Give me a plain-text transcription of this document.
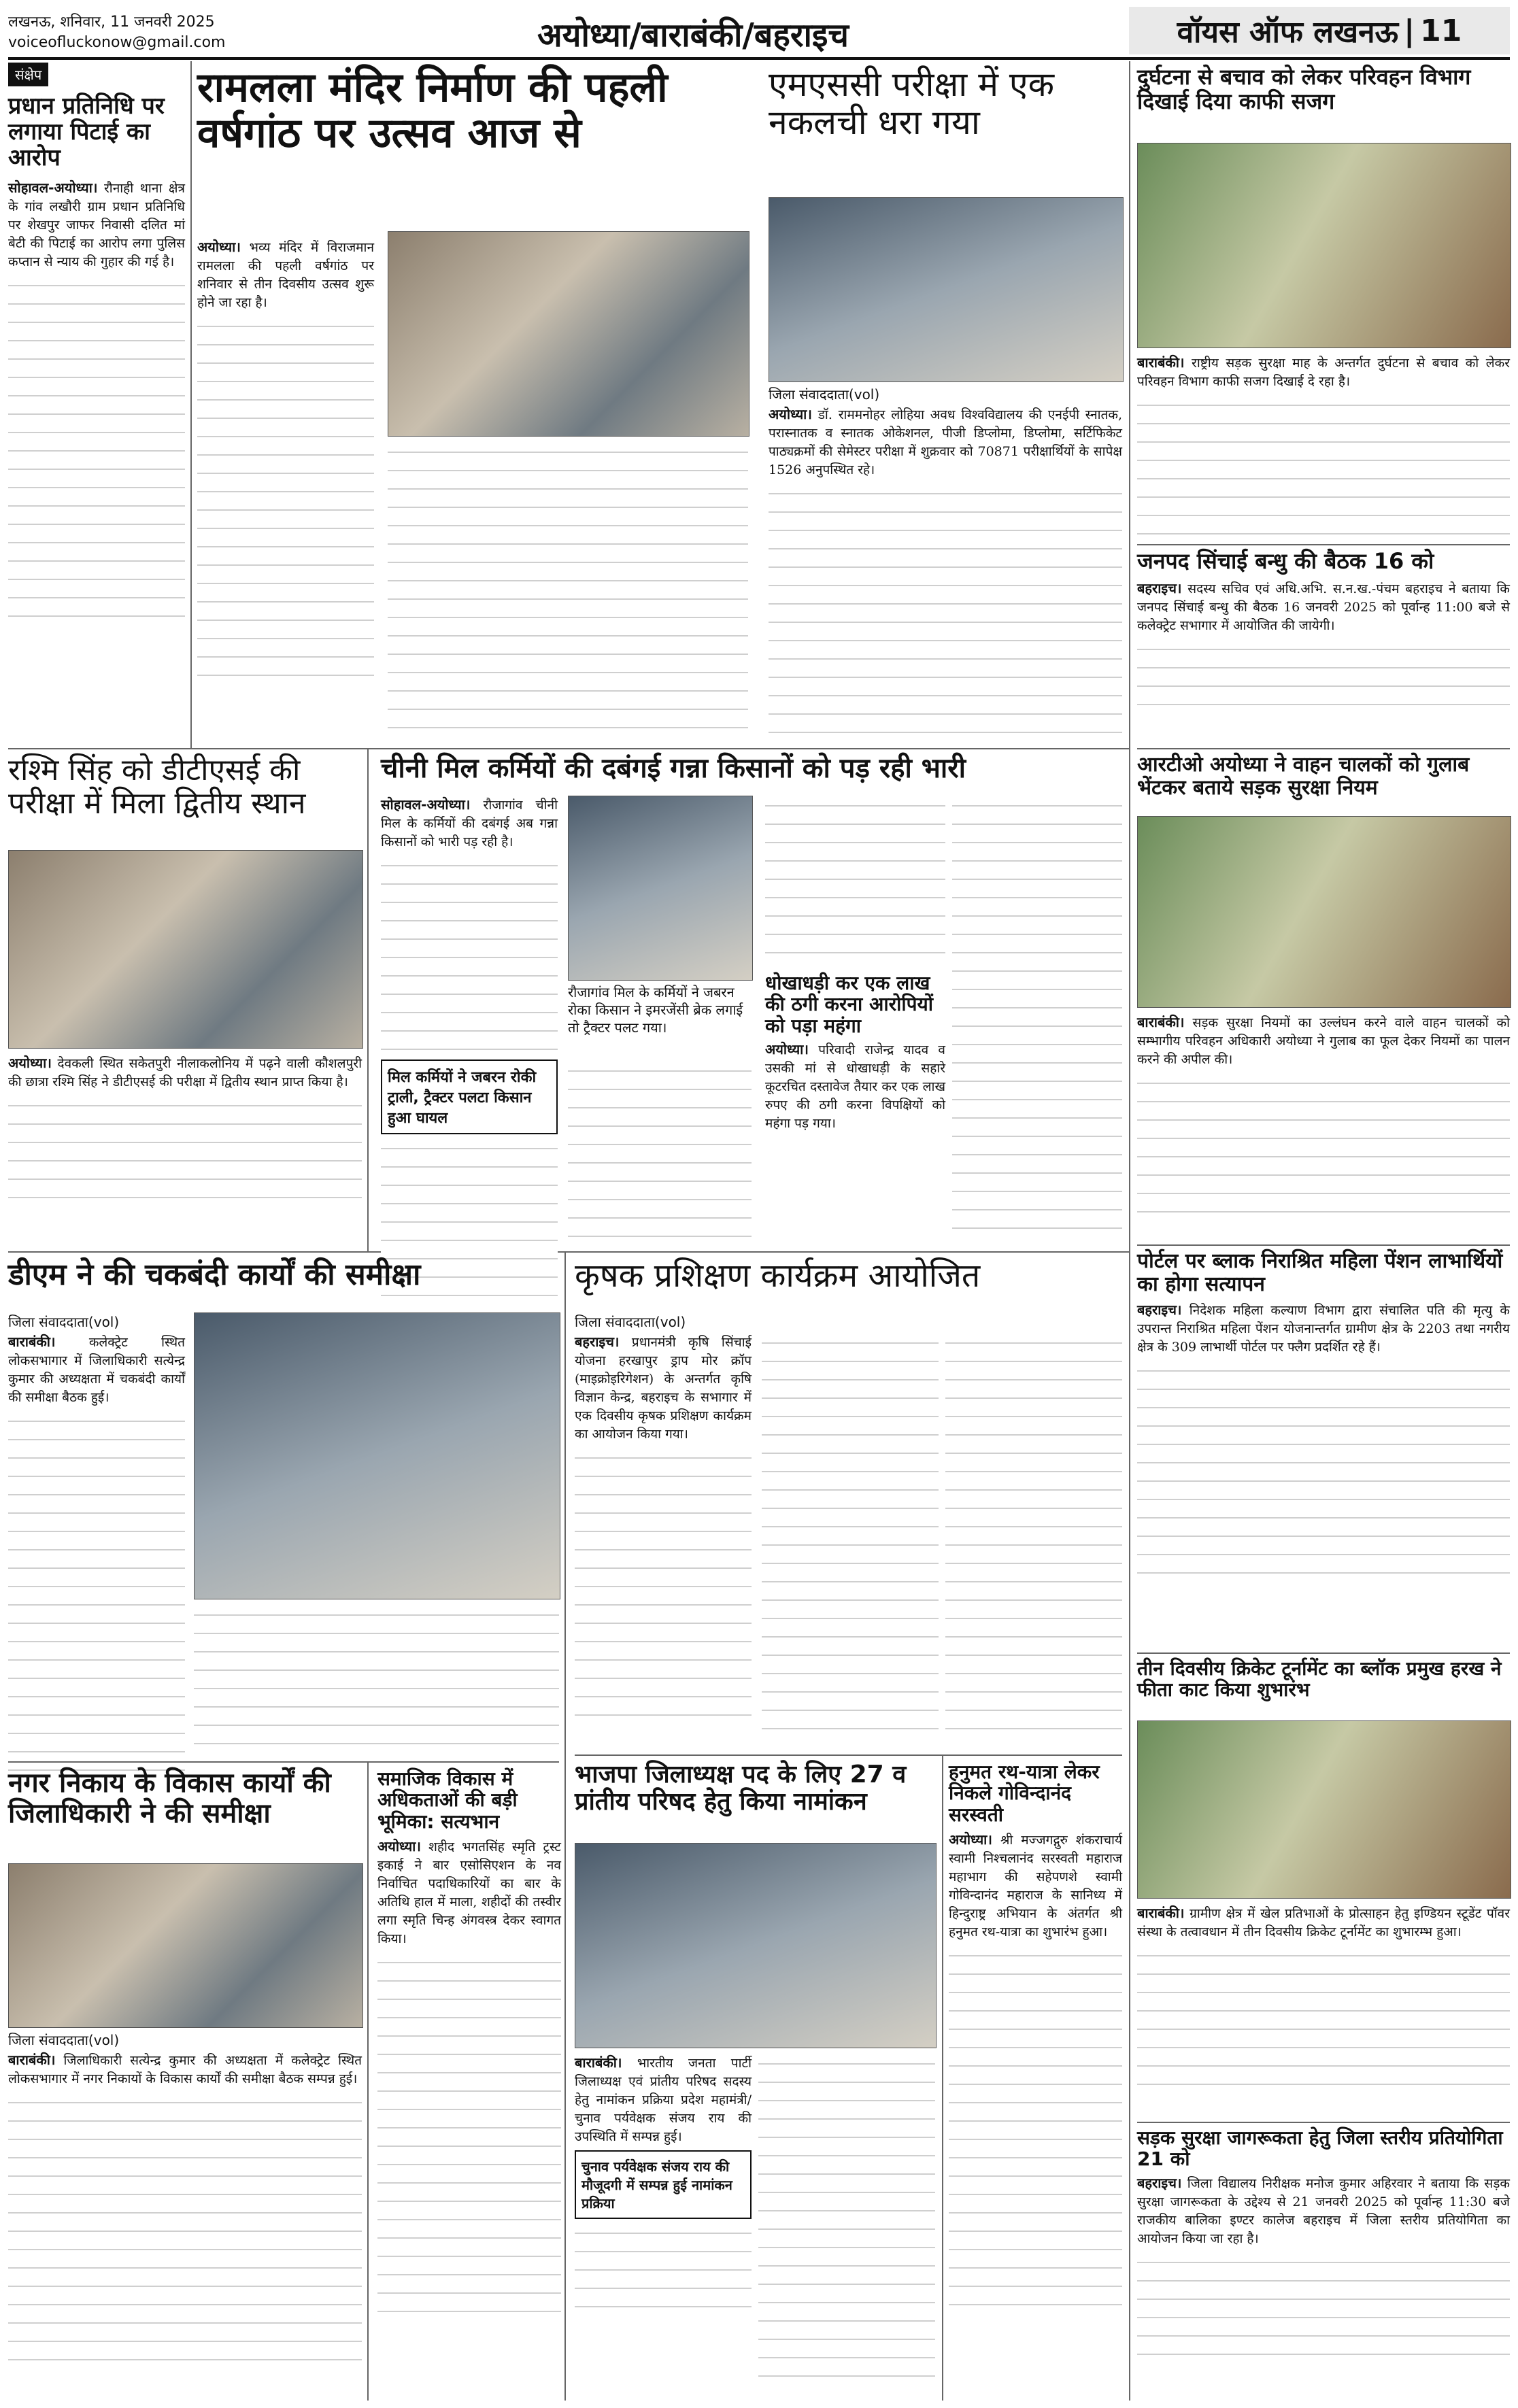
लखनऊ, शनिवार, 11 जनवरी 2025
voiceofluckonow@gmail.com	अयोध्या/बाराबंकी/बहराइच	वॉयस ऑफ लखनऊ | 11
संक्षेप
प्रधान प्रतिनिधि पर लगाया पिटाई का आरोप
सोहावल-अयोध्या। रौनाही थाना क्षेत्र के गांव लखौरी ग्राम प्रधान प्रतिनिधि पर शेखपुर जाफर निवासी दलित मां बेटी की पिटाई का आरोप लगा पुलिस कप्तान से न्याय की गुहार की गई है।
रामलला मंदिर निर्माण की पहली वर्षगांठ पर उत्सव आज से
अयोध्या। भव्य मंदिर में विराजमान रामलला की पहली वर्षगांठ पर शनिवार से तीन दिवसीय उत्सव शुरू होने जा रहा है।
एमएससी परीक्षा में एक नकलची धरा गया
जिला संवाददाता(vol)
अयोध्या। डॉ. राममनोहर लोहिया अवध विश्वविद्यालय की एनईपी स्नातक, परास्नातक व स्नातक ओकेशनल, पीजी डिप्लोमा, डिप्लोमा, सर्टिफिकेट पाठ्यक्रमों की सेमेस्टर परीक्षा में शुक्रवार को 70871 परीक्षार्थियों के सापेक्ष 1526 अनुपस्थित रहे।
दुर्घटना से बचाव को लेकर परिवहन विभाग दिखाई दिया काफी सजग
बाराबंकी। राष्ट्रीय सड़क सुरक्षा माह के अन्तर्गत दुर्घटना से बचाव को लेकर परिवहन विभाग काफी सजग दिखाई दे रहा है।
जनपद सिंचाई बन्धु की बैठक 16 को
बहराइच। सदस्य सचिव एवं अधि.अभि. स.न.ख.-पंचम बहराइच ने बताया कि जनपद सिंचाई बन्धु की बैठक 16 जनवरी 2025 को पूर्वान्ह 11:00 बजे से कलेक्ट्रेट सभागार में आयोजित की जायेगी।
रश्मि सिंह को डीटीएसई की परीक्षा में मिला द्वितीय स्थान
अयोध्या। देवकली स्थित सकेतपुरी नीलाकलोनिय में पढ़ने वाली कौशलपुरी की छात्रा रश्मि सिंह ने डीटीएसई की परीक्षा में द्वितीय स्थान प्राप्त किया है।
चीनी मिल कर्मियों की दबंगई गन्ना किसानों को पड़ रही भारी
सोहावल-अयोध्या। रौजागांव चीनी मिल के कर्मियों की दबंगई अब गन्ना किसानों को भारी पड़ रही है।
मिल कर्मियों ने जबरन रोकी ट्राली, ट्रैक्टर पलटा किसान हुआ घायल
रौजागांव मिल के कर्मियों ने जबरन रोका किसान ने इमरजेंसी ब्रेक लगाई तो ट्रैक्टर पलट गया।
धोखाधड़ी कर एक लाख की ठगी करना आरोपियों को पड़ा महंगा
अयोध्या। परिवादी राजेन्द्र यादव व उसकी मां से धोखाधड़ी के सहारे कूटरचित दस्तावेज तैयार कर एक लाख रुपए की ठगी करना विपक्षियों को महंगा पड़ गया।
आरटीओ अयोध्या ने वाहन चालकों को गुलाब भेंटकर बताये सड़क सुरक्षा नियम
बाराबंकी। सड़क सुरक्षा नियमों का उल्लंघन करने वाले वाहन चालकों को सम्भागीय परिवहन अधिकारी अयोध्या ने गुलाब का फूल देकर नियमों का पालन करने की अपील की।
पोर्टल पर ब्लाक निराश्रित महिला पेंशन लाभार्थियों का होगा सत्यापन
बहराइच। निदेशक महिला कल्याण विभाग द्वारा संचालित पति की मृत्यु के उपरान्त निराश्रित महिला पेंशन योजनान्तर्गत ग्रामीण क्षेत्र के 2203 तथा नगरीय क्षेत्र के 309 लाभार्थी पोर्टल पर फ्लैग प्रदर्शित रहे हैं।
डीएम ने की चकबंदी कार्यों की समीक्षा
जिला संवाददाता(vol)
बाराबंकी।	कलेक्ट्रेट स्थित लोकसभागार में जिलाधिकारी सत्येन्द्र कुमार की अध्यक्षता में चकबंदी कार्यों की समीक्षा बैठक हुई।
कृषक प्रशिक्षण कार्यक्रम आयोजित
जिला संवाददाता(vol)
बहराइच। प्रधानमंत्री कृषि सिंचाई योजना हरखापुर ड्राप मोर क्रॉप (माइक्रोइरिगेशन) के अन्तर्गत कृषि विज्ञान केन्द्र, बहराइच के सभागार में एक दिवसीय कृषक प्रशिक्षण कार्यक्रम का आयोजन किया गया।
नगर निकाय के विकास कार्यों की जिलाधिकारी ने की समीक्षा
जिला संवाददाता(vol)
बाराबंकी। जिलाधिकारी सत्येन्द्र कुमार की अध्यक्षता में कलेक्ट्रेट स्थित लोकसभागार में नगर निकायों के विकास कार्यों की समीक्षा बैठक सम्पन्न हुई।
समाजिक विकास में अधिकताओं की बड़ी भूमिका: सत्यभान
अयोध्या। शहीद भगतसिंह स्मृति ट्रस्ट इकाई ने बार एसोसिएशन के नव निर्वाचित पदाधिकारियों का बार के अतिथि हाल में माला, शहीदों की तस्वीर लगा स्मृति चिन्ह अंगवस्त्र देकर स्वागत किया।
भाजपा जिलाध्यक्ष पद के लिए 27 व प्रांतीय परिषद हेतु किया नामांकन
बाराबंकी। भारतीय जनता पार्टी जिलाध्यक्ष एवं प्रांतीय परिषद सदस्य हेतु नामांकन प्रक्रिया प्रदेश महामंत्री/चुनाव पर्यवेक्षक संजय राय की उपस्थिति में सम्पन्न हुई।
चुनाव पर्यवेक्षक संजय राय की मौजूदगी में सम्पन्न हुई नामांकन प्रक्रिया
हनुमत रथ-यात्रा लेकर निकले गोविन्दानंद सरस्वती
अयोध्या। श्री मज्जगद्गुरु शंकराचार्य स्वामी निश्चलानंद सरस्वती महाराज महाभाग की सहेपणशे स्वामी गोविन्दानंद महाराज के सानिध्य में हिन्दुराष्ट्र अभियान के अंतर्गत श्री हनुमत रथ-यात्रा का शुभारंभ हुआ।
तीन दिवसीय क्रिकेट टूर्नामेंट का ब्लॉक प्रमुख हरख ने फीता काट किया शुभारंभ
बाराबंकी। ग्रामीण क्षेत्र में खेल प्रतिभाओं के प्रोत्साहन हेतु इण्डियन स्टूडेंट पॉवर संस्था के तत्वावधान में तीन दिवसीय क्रिकेट टूर्नामेंट का शुभारम्भ हुआ।
सड़क सुरक्षा जागरूकता हेतु जिला स्तरीय प्रतियोगिता 21 को
बहराइच। जिला विद्यालय निरीक्षक मनोज कुमार अहिरवार ने बताया कि सड़क सुरक्षा जागरूकता के उद्देश्य से 21 जनवरी 2025 को पूर्वान्ह 11:30 बजे राजकीय बालिका इण्टर कालेज बहराइच में जिला स्तरीय प्रतियोगिता का आयोजन किया जा रहा है।
